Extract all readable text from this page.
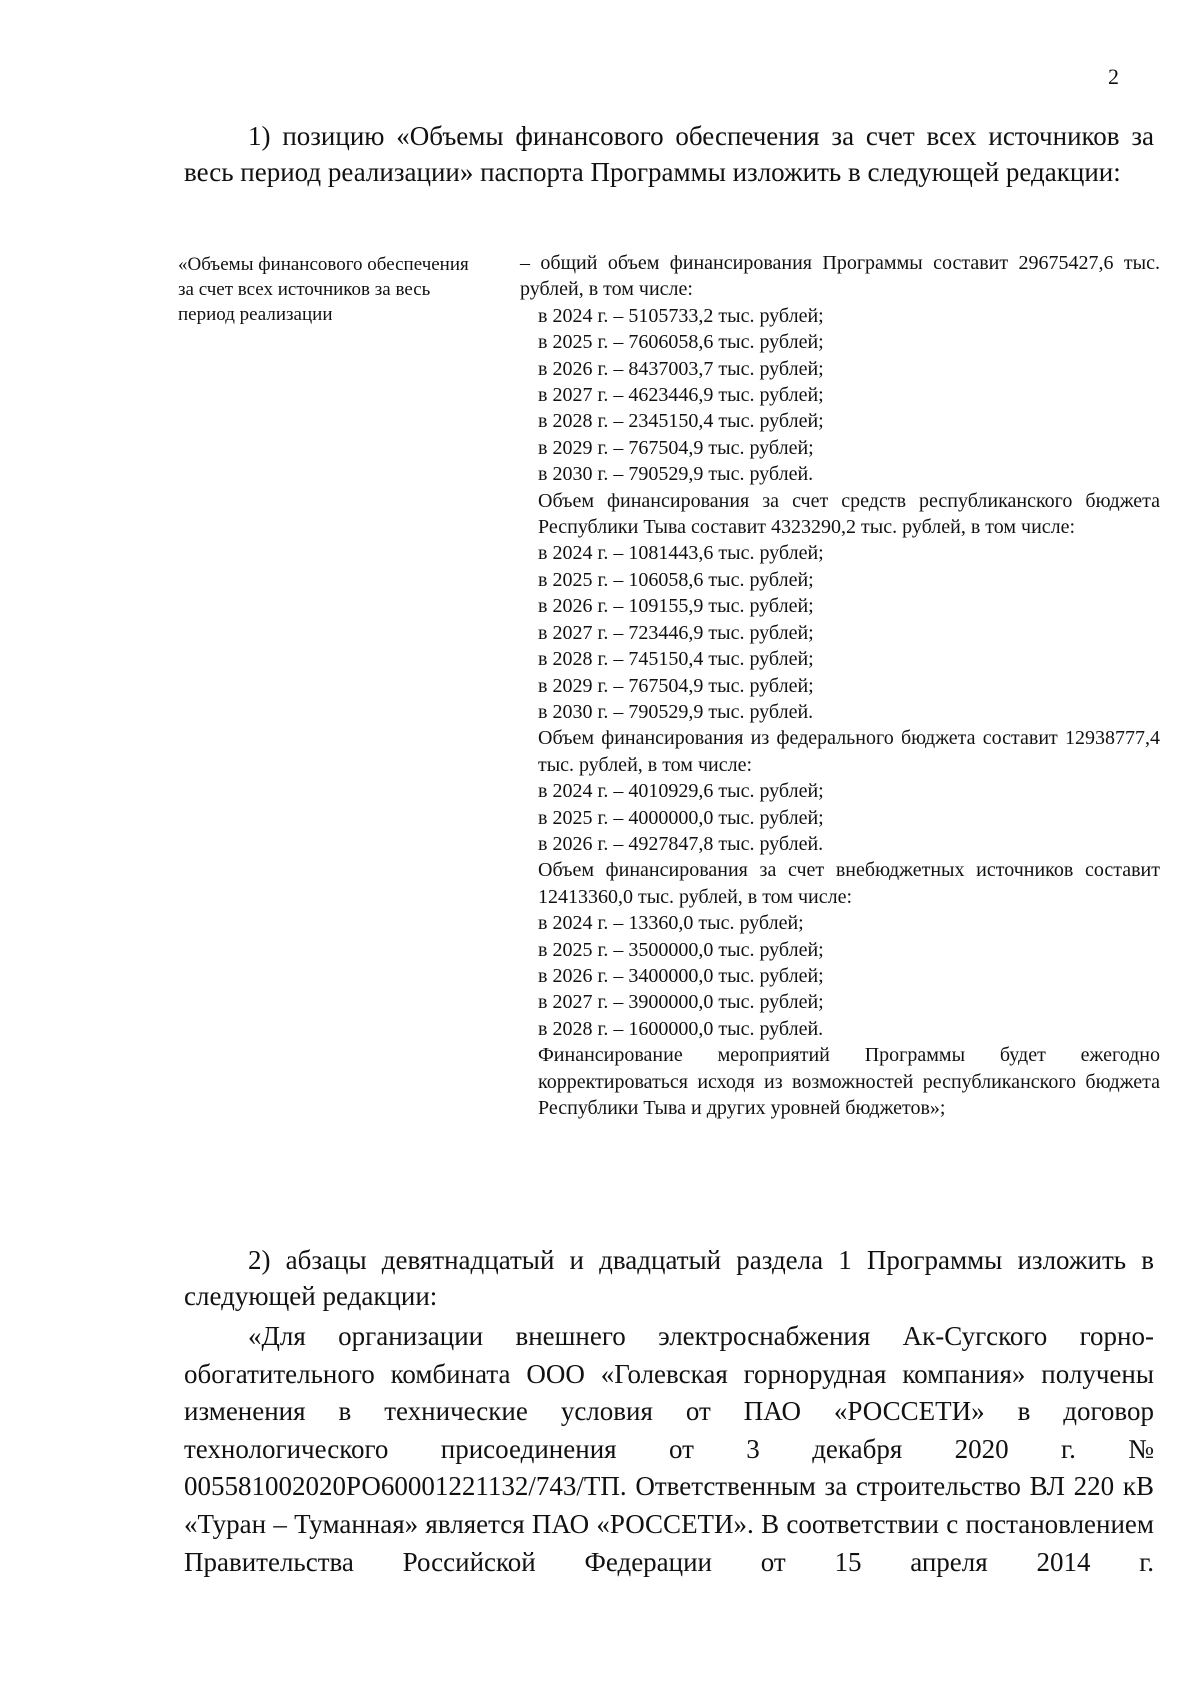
2

1) позицию «Объемы финансового обеспечения за счет всех источников за весь период реализации» паспорта Программы изложить в следующей редакции:

«Объемы финансового обеспечения за счет всех источников за весь период реализации
– общий объем финансирования Программы составит 29675427,6 тыс. рублей, в том числе:
в 2024 г. – 5105733,2 тыс. рублей;
в 2025 г. – 7606058,6 тыс. рублей;
в 2026 г. – 8437003,7 тыс. рублей;
в 2027 г. – 4623446,9 тыс. рублей;
в 2028 г. – 2345150,4 тыс. рублей;
в 2029 г. – 767504,9 тыс. рублей;
в 2030 г. – 790529,9 тыс. рублей.
Объем финансирования за счет средств республиканского бюджета Республики Тыва составит 4323290,2 тыс. рублей, в том числе:
в 2024 г. – 1081443,6 тыс. рублей;
в 2025 г. – 106058,6 тыс. рублей;
в 2026 г. – 109155,9 тыс. рублей;
в 2027 г. – 723446,9 тыс. рублей;
в 2028 г. – 745150,4 тыс. рублей;
в 2029 г. – 767504,9 тыс. рублей;
в 2030 г. – 790529,9 тыс. рублей.
Объем финансирования из федерального бюджета составит 12938777,4 тыс. рублей, в том числе:
в 2024 г. – 4010929,6 тыс. рублей;
в 2025 г. – 4000000,0 тыс. рублей;
в 2026 г. – 4927847,8 тыс. рублей.
Объем финансирования за счет внебюджетных источников составит 12413360,0 тыс. рублей, в том числе:
в 2024 г. – 13360,0 тыс. рублей;
в 2025 г. – 3500000,0 тыс. рублей;
в 2026 г. – 3400000,0 тыс. рублей;
в 2027 г. – 3900000,0 тыс. рублей;
в 2028 г. – 1600000,0 тыс. рублей.
Финансирование мероприятий Программы будет ежегодно корректироваться исходя из возможностей республиканского бюджета Республики Тыва и других уровней бюджетов»;

2) абзацы девятнадцатый и двадцатый раздела 1 Программы изложить в следующей редакции:

«Для организации внешнего электроснабжения Ак-Сугского горно-обогатительного комбината ООО «Голевская горнорудная компания» получены изменения в технические условия от ПАО «РОССЕТИ» в договор технологического присоединения от 3 декабря 2020 г. № 005581002020РО60001221132/743/ТП. Ответственным за строительство ВЛ 220 кВ «Туран – Туманная» является ПАО «РОССЕТИ». В соответствии с постановлением Правительства Российской Федерации от 15 апреля 2014 г.
